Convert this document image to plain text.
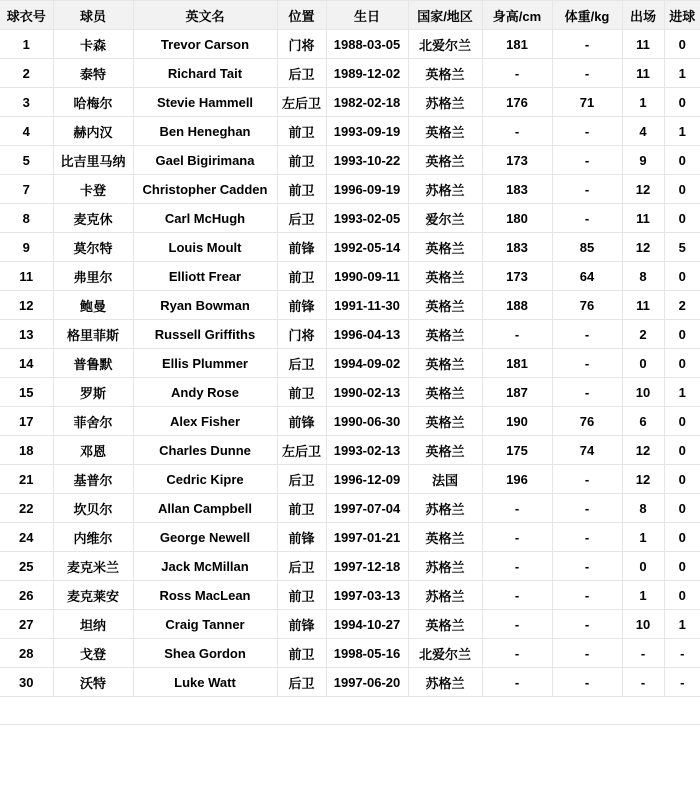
球衣号	球员	英文名	位置	生日	国家/地区	身高/cm	体重/kg	出场	进球
1	卡森	Trevor Carson	门将	1988-03-05	北爱尔兰	181	-	11	0
2	泰特	Richard Tait	后卫	1989-12-02	英格兰	-	-	11	1
3	哈梅尔	Stevie Hammell	左后卫	1982-02-18	苏格兰	176	71	1	0
4	赫内汉	Ben Heneghan	前卫	1993-09-19	英格兰	-	-	4	1
5	比吉里马纳	Gael Bigirimana	前卫	1993-10-22	英格兰	173	-	9	0
7	卡登	Christopher Cadden	前卫	1996-09-19	苏格兰	183	-	12	0
8	麦克休	Carl McHugh	后卫	1993-02-05	爱尔兰	180	-	11	0
9	莫尔特	Louis Moult	前锋	1992-05-14	英格兰	183	85	12	5
11	弗里尔	Elliott Frear	前卫	1990-09-11	英格兰	173	64	8	0
12	鲍曼	Ryan Bowman	前锋	1991-11-30	英格兰	188	76	11	2
13	格里菲斯	Russell Griffiths	门将	1996-04-13	英格兰	-	-	2	0
14	普鲁默	Ellis Plummer	后卫	1994-09-02	英格兰	181	-	0	0
15	罗斯	Andy Rose	前卫	1990-02-13	英格兰	187	-	10	1
17	菲舍尔	Alex Fisher	前锋	1990-06-30	英格兰	190	76	6	0
18	邓恩	Charles Dunne	左后卫	1993-02-13	英格兰	175	74	12	0
21	基普尔	Cedric Kipre	后卫	1996-12-09	法国	196	-	12	0
22	坎贝尔	Allan Campbell	前卫	1997-07-04	苏格兰	-	-	8	0
24	内维尔	George Newell	前锋	1997-01-21	英格兰	-	-	1	0
25	麦克米兰	Jack McMillan	后卫	1997-12-18	苏格兰	-	-	0	0
26	麦克莱安	Ross MacLean	前卫	1997-03-13	苏格兰	-	-	1	0
27	坦纳	Craig Tanner	前锋	1994-10-27	英格兰	-	-	10	1
28	戈登	Shea Gordon	前卫	1998-05-16	北爱尔兰	-	-	-	-
30	沃特	Luke Watt	后卫	1997-06-20	苏格兰	-	-	-	-
